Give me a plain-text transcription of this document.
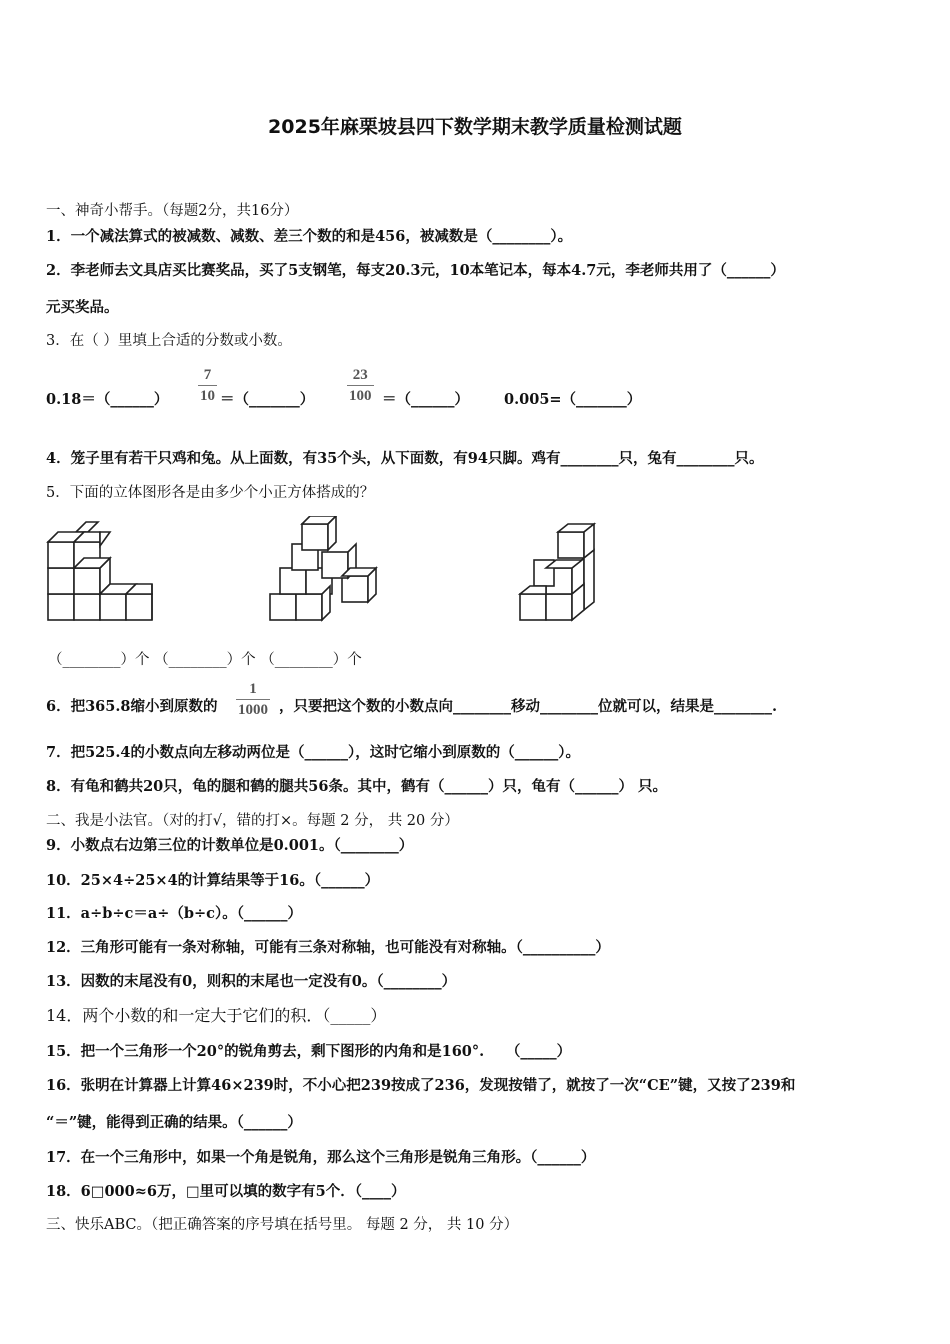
2025年麻栗坡县四下数学期末教学质量检测试题
一、神奇小帮手。（每题2分，共16分）
1．一个减法算式的被减数、减数、差三个数的和是456，被减数是（________）。
2．李老师去文具店买比赛奖品，买了5支钢笔，每支20.3元，10本笔记本，每本4.7元，李老师共用了（______）
元买奖品。
3．在（ ）里填上合适的分数或小数。
0.18＝（______）
7
10 ＝（_______）
23
100 ＝（______） 0.005=（_______）
4．笼子里有若干只鸡和兔。从上面数，有35个头，从下面数，有94只脚。鸡有________只，兔有________只。
5．下面的立体图形各是由多少个小正方体搭成的？
（________）个 （________）个 （________）个
6．把365.8缩小到原数的
1
1000 ，只要把这个数的小数点向________移动________位就可以，结果是________.
7．把525.4的小数点向左移动两位是（______），这时它缩小到原数的（______）。
8．有龟和鹤共20只，龟的腿和鹤的腿共56条。其中，鹤有（______）只，龟有（______） 只。
二、我是小法官。（对的打√，错的打×。每题 2 分， 共 20 分）
9．小数点右边第三位的计数单位是0.001。（________）
10．25×4÷25×4的计算结果等于16。（______）
11．a÷b÷c＝a÷（b÷c）。（______）
12．三角形可能有一条对称轴，可能有三条对称轴，也可能没有对称轴。（__________）
13．因数的末尾没有0，则积的末尾也一定没有0。（________）
14．两个小数的和一定大于它们的积．（_____）
15．把一个三角形一个20°的锐角剪去，剩下图形的内角和是160°.　　（_____）
16．张明在计算器上计算46×239时，不小心把239按成了236，发现按错了，就按了一次“CE”键，又按了239和
“＝”键，能得到正确的结果。（______）
17．在一个三角形中，如果一个角是锐角，那么这个三角形是锐角三角形。（______）
18．6□000≈6万，□里可以填的数字有5个．（____）
三、快乐ABC。（把正确答案的序号填在括号里。 每题 2 分， 共 10 分）
